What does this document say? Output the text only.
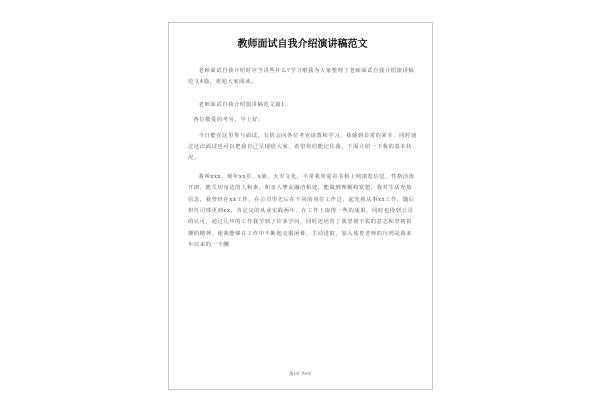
教师面试自我介绍演讲稿范文

老师面试自我介绍时应当讲些什么?学习啦我为大家整理了老师面试自我介绍演讲稿范文4篇，欢迎大家阅读。

老师面试自我介绍演讲稿范文篇1

各位敬爱的考官，早上好:

今日能在这里参与面试，有机会向各位考官请教和学习，我感到非常的荣幸，同时通过这次面试也可以把我自己呈现给大家，希望你们能记住我，下面介绍一下我的基本状况。

我叫xxx，现年xx岁，x族，大专文化，平常我喜爱看书和上网浏览信息，性格活泼开朗，能关切身边的人和事，和亲人挚友融洽相处，能做到理解和宽恕，我对生活充盈信念，我曾经在xx工作，在公司里先后在不同的岗位工作过，起先我从事xx工作，随后担任司邢更到xx，肯定完的从业实践两年，在工作上取得一些的成果，同时也得到公司的认可，通过几年的工作我学到了许多学问，同时还培育了我坚韧不拔的意志和坚韧拼搏的精神，使我能够在工作中不断地克服困难、主动进取，加入体育老师的行列是我多年以来的一个酬

第1页 共8页
